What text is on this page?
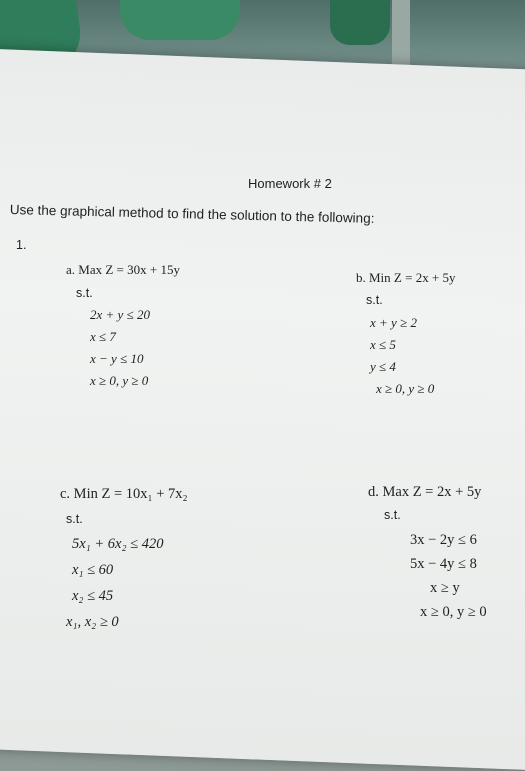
Homework # 2
Use the graphical method to find the solution to the following:
1.
a. Max Z = 30x + 15y
s.t.
2x + y ≤ 20
x ≤ 7
x − y ≤ 10
x ≥ 0, y ≥ 0
b. Min Z = 2x + 5y
s.t.
x + y ≥ 2
x ≤ 5
y ≤ 4
x ≥ 0, y ≥ 0
c. Min Z = 10x₁ + 7x₂
s.t.
5x₁ + 6x₂ ≤ 420
x₁ ≤ 60
x₂ ≤ 45
x₁, x₂ ≥ 0
d. Max Z = 2x + 5y
s.t.
3x − 2y ≤ 6
5x − 4y ≤ 8
x ≥ y
x ≥ 0, y ≥ 0
